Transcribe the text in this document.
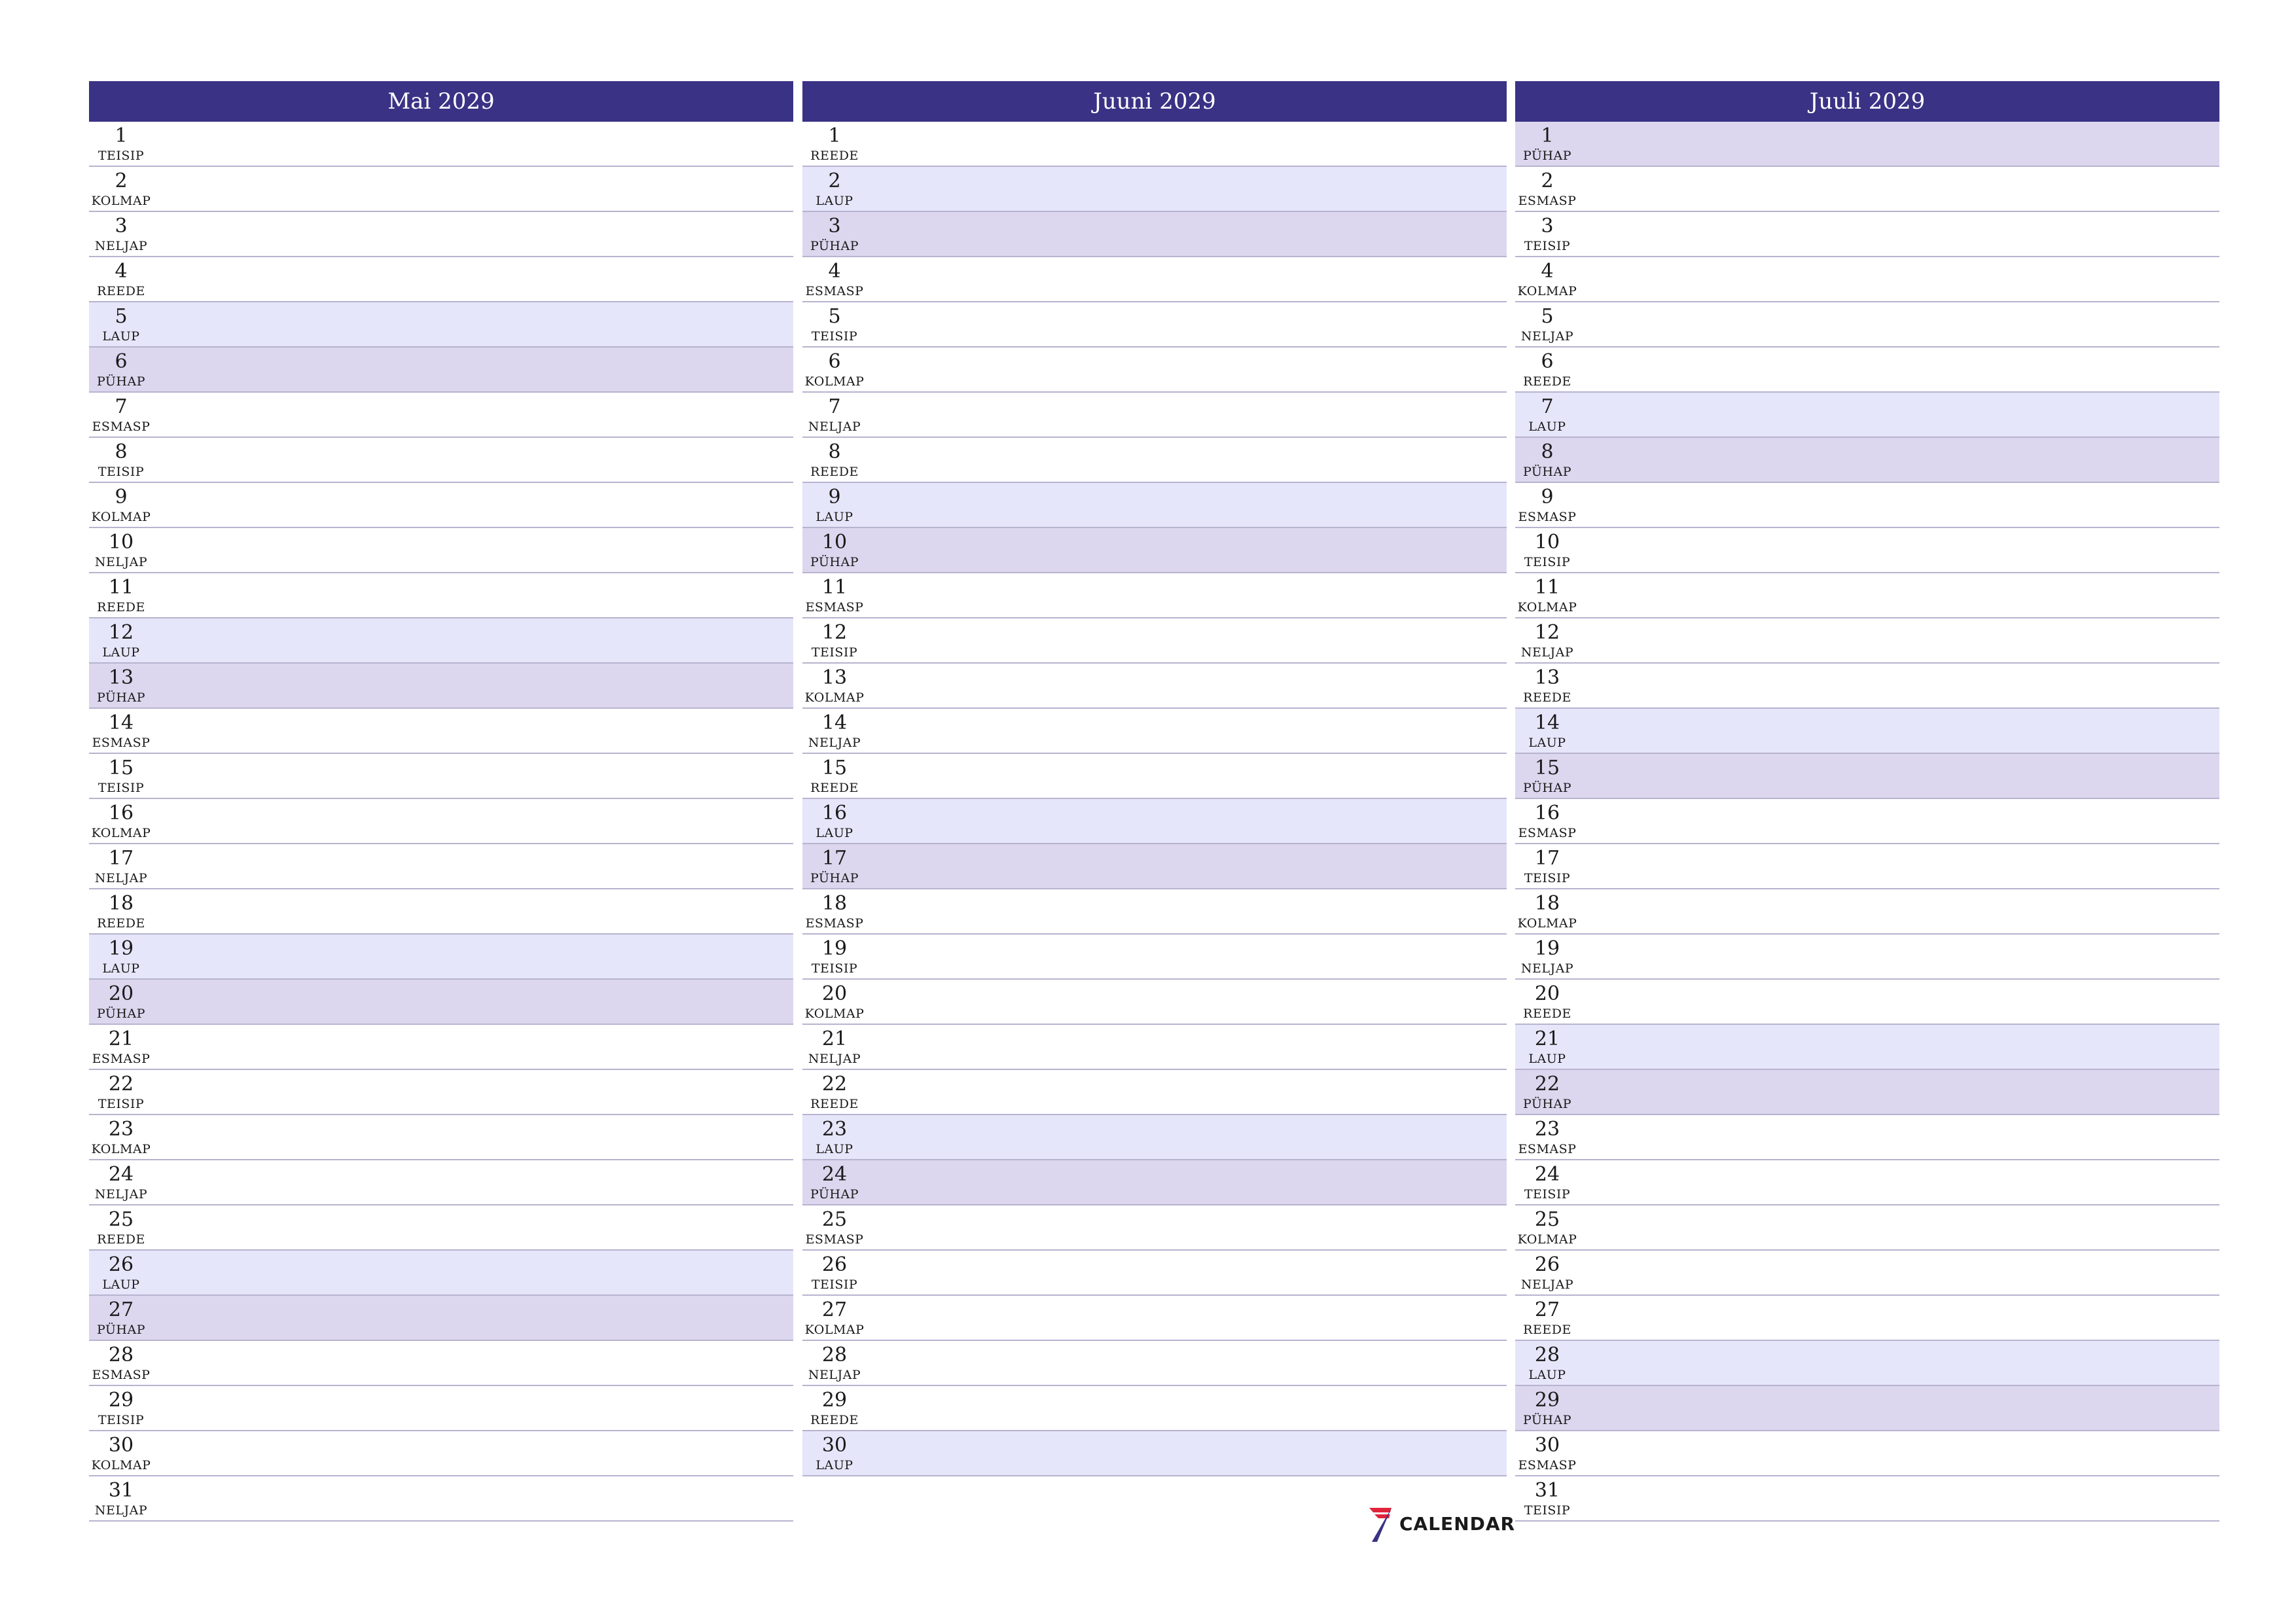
Mai 2029
1
TEISIP
2
KOLMAP
3
NELJAP
4
REEDE
5
LAUP
6
PÜHAP
7
ESMASP
8
TEISIP
9
KOLMAP
10
NELJAP
11
REEDE
12
LAUP
13
PÜHAP
14
ESMASP
15
TEISIP
16
KOLMAP
17
NELJAP
18
REEDE
19
LAUP
20
PÜHAP
21
ESMASP
22
TEISIP
23
KOLMAP
24
NELJAP
25
REEDE
26
LAUP
27
PÜHAP
28
ESMASP
29
TEISIP
30
KOLMAP
31
NELJAP
Juuni 2029
1
REEDE
2
LAUP
3
PÜHAP
4
ESMASP
5
TEISIP
6
KOLMAP
7
NELJAP
8
REEDE
9
LAUP
10
PÜHAP
11
ESMASP
12
TEISIP
13
KOLMAP
14
NELJAP
15
REEDE
16
LAUP
17
PÜHAP
18
ESMASP
19
TEISIP
20
KOLMAP
21
NELJAP
22
REEDE
23
LAUP
24
PÜHAP
25
ESMASP
26
TEISIP
27
KOLMAP
28
NELJAP
29
REEDE
30
LAUP
Juuli 2029
1
PÜHAP
2
ESMASP
3
TEISIP
4
KOLMAP
5
NELJAP
6
REEDE
7
LAUP
8
PÜHAP
9
ESMASP
10
TEISIP
11
KOLMAP
12
NELJAP
13
REEDE
14
LAUP
15
PÜHAP
16
ESMASP
17
TEISIP
18
KOLMAP
19
NELJAP
20
REEDE
21
LAUP
22
PÜHAP
23
ESMASP
24
TEISIP
25
KOLMAP
26
NELJAP
27
REEDE
28
LAUP
29
PÜHAP
30
ESMASP
31
TEISIP
CALENDAR
